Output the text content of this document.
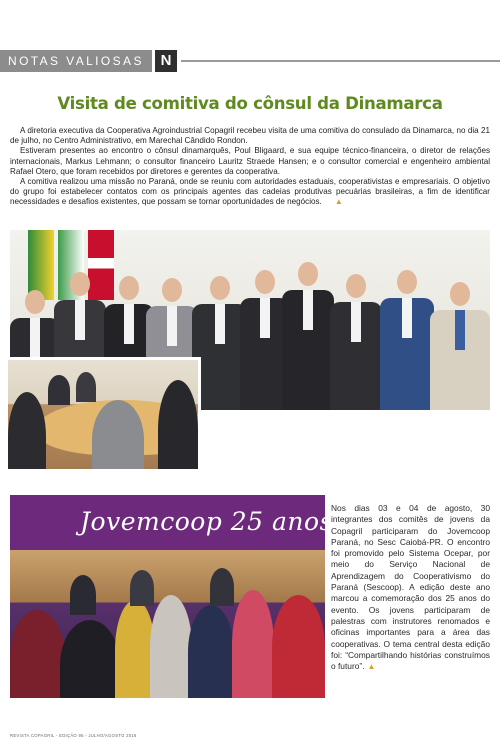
NOTAS VALIOSAS	N
Visita de comitiva do cônsul da Dinamarca

A diretoria executiva da Cooperativa Agroindustrial Copagril recebeu visita de uma comitiva do consulado da Dinamarca, no dia 21 de julho, no Centro Administrativo, em Marechal Cândido Rondon.

Estiveram presentes ao encontro o cônsul dinamarquês, Poul Bligaard, e sua equipe técnico-financeira, o diretor de relações internacionais, Markus Lehmann; o consultor financeiro Lauritz Straede Hansen; e o consultor comercial e engenheiro ambiental Rafael Otero, que foram recebidos por diretores e gerentes da cooperativa.

A comitiva realizou uma missão no Paraná, onde se reuniu com autoridades estaduais, cooperativistas e empresariais. O objetivo do grupo foi estabelecer contatos com os principais agentes das cadeias produtivas pecuárias brasileiras, a fim de identificar necessidades e desafios existentes, que possam se tornar oportunidades de negócios. ▲

Jovemcoop 25 anos
Nos dias 03 e 04 de agosto, 30 integrantes dos comitês de jovens da Copagril participaram do Jovemcoop Paraná, no Sesc Caiobá-PR. O encontro foi promovido pelo Sistema Ocepar, por meio do Serviço Nacional de Aprendizagem do Cooperativismo do Paraná (Sescoop). A edição deste ano marcou a comemoração dos 25 anos do evento. Os jovens participaram de palestras com instrutores renomados e oficinas importantes para a área das cooperativas. O tema central desta edição foi: “Compartilhando histórias construímos o futuro”. ▲
REVISTA COPAGRIL - EDIÇÃO 95 - JULHO/AGOSTO 2016
